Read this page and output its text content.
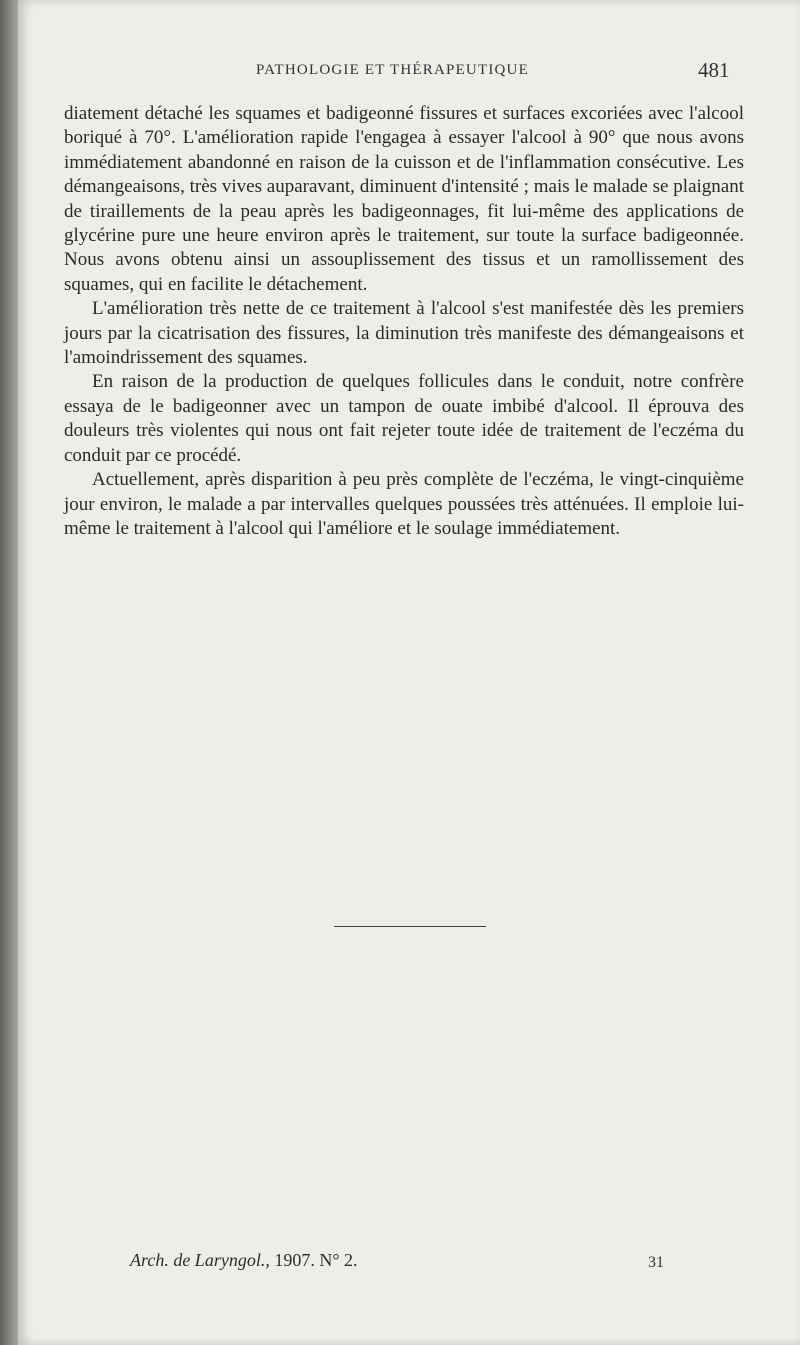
PATHOLOGIE ET THÉRAPEUTIQUE	481

diatement détaché les squames et badigeonné fissures et surfaces excoriées avec l'alcool boriqué à 70°. L'amélioration rapide l'engagea à essayer l'alcool à 90° que nous avons immédiatement abandonné en raison de la cuisson et de l'inflammation consécutive. Les démangeaisons, très vives auparavant, diminuent d'intensité ; mais le malade se plaignant de tiraillements de la peau après les badigeonnages, fit lui-même des applications de glycérine pure une heure environ après le traitement, sur toute la surface badigeonnée. Nous avons obtenu ainsi un assouplissement des tissus et un ramollissement des squames, qui en facilite le détachement.

L'amélioration très nette de ce traitement à l'alcool s'est manifestée dès les premiers jours par la cicatrisation des fissures, la diminution très manifeste des démangeaisons et l'amoindrissement des squames.

En raison de la production de quelques follicules dans le conduit, notre confrère essaya de le badigeonner avec un tampon de ouate imbibé d'alcool. Il éprouva des douleurs très violentes qui nous ont fait rejeter toute idée de traitement de l'eczéma du conduit par ce procédé.

Actuellement, après disparition à peu près complète de l'eczéma, le vingt-cinquième jour environ, le malade a par intervalles quelques poussées très atténuées. Il emploie lui-même le traitement à l'alcool qui l'améliore et le soulage immédiatement.

Arch. de Laryngol., 1907. N° 2.	31
